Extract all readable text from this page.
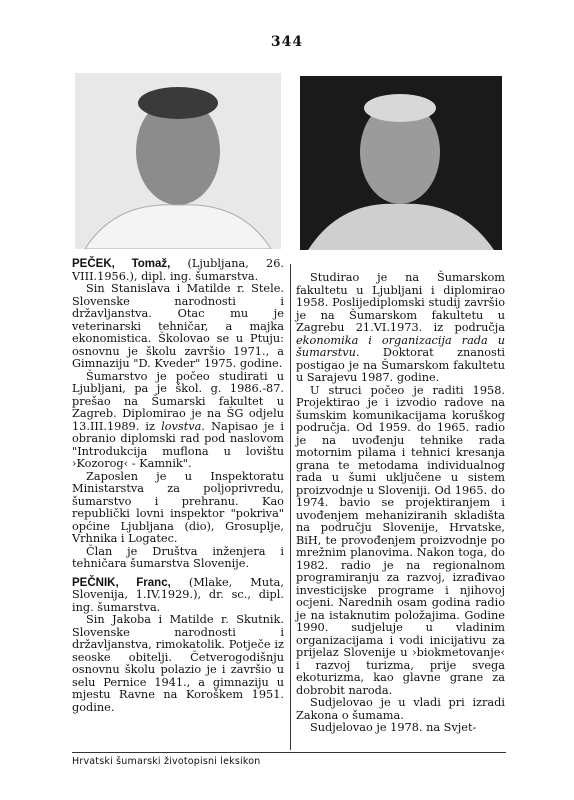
344

PEČEK, Tomaž, (Ljubljana, 26. VIII.1956.), dipl. ing. šumarstva.

Sin Stanislava i Matilde r. Stele. Slovenske narodnosti i državljanstva. Otac mu je veterinarski tehničar, a majka ekonomistica. Školovao se u Ptuju: osnovnu je školu završio 1971., a Gimnaziju "D. Kveder" 1975. godine.

Šumarstvo je počeo studirati u Ljubljani, pa je škol. g. 1986.-87. prešao na Šumarski fakultet u Zagreb. Diplomirao je na ŠG odjelu 13.III.1989. iz lovstva. Napisao je i obranio diplomski rad pod naslovom "Introdukcija muflona u lovištu ›Kozorog‹ - Kamnik".

Zaposlen je u Inspektoratu Ministarstva za poljoprivredu, šumarstvo i prehranu. Kao republički lovni inspektor "pokriva" općine Ljubljana (dio), Grosuplje, Vrhnika i Logatec.

Član je Društva inženjera i tehničara šumarstva Slovenije.

PEČNIK, Franc, (Mlake, Muta, Slovenija, 1.IV.1929.), dr. sc., dipl. ing. šumarstva.

Sin Jakoba i Matilde r. Skutnik. Slovenske narodnosti i državljanstva, rimokatolik. Potječe iz seoske obitelji. Četverogodišnju osnovnu školu polazio je i završio u selu Pernice 1941., a gimnaziju u mjestu Ravne na Koroškem 1951. godine.

Studirao je na Šumarskom fakultetu u Ljubljani i diplomirao 1958. Poslijediplomski studij završio je na Šumarskom fakultetu u Zagrebu 21.VI.1973. iz područja ekonomika i organizacija rada u šumarstvu. Doktorat znanosti postigao je na Šumarskom fakultetu u Sarajevu 1987. godine.

U struci počeo je raditi 1958. Projektirao je i izvodio radove na šumskim komunikacijama koruškog područja. Od 1959. do 1965. radio je na uvođenju tehnike rada motornim pilama i tehnici kresanja grana te metodama individualnog rada u šumi uključene u sistem proizvodnje u Sloveniji. Od 1965. do 1974. bavio se projektiranjem i uvođenjem mehaniziranih skladišta na području Slovenije, Hrvatske, BiH, te provođenjem proizvodnje po mrežnim planovima. Nakon toga, do 1982. radio je na regionalnom programiranju za razvoj, izrađivao investicijske programe i njihovoj ocjeni. Narednih osam godina radio je na istaknutim položajima. Godine 1990. sudjeluje u vladinim organizacijama i vodi inicijativu za prijelaz Slovenije u ›biokmetovanje‹ i razvoj turizma, prije svega ekoturizma, kao glavne grane za dobrobit naroda.

Sudjelovao je u vladi pri izradi Zakona o šumama.

Sudjelovao je 1978. na Svjet-

Hrvatski šumarski životopisni leksikon
